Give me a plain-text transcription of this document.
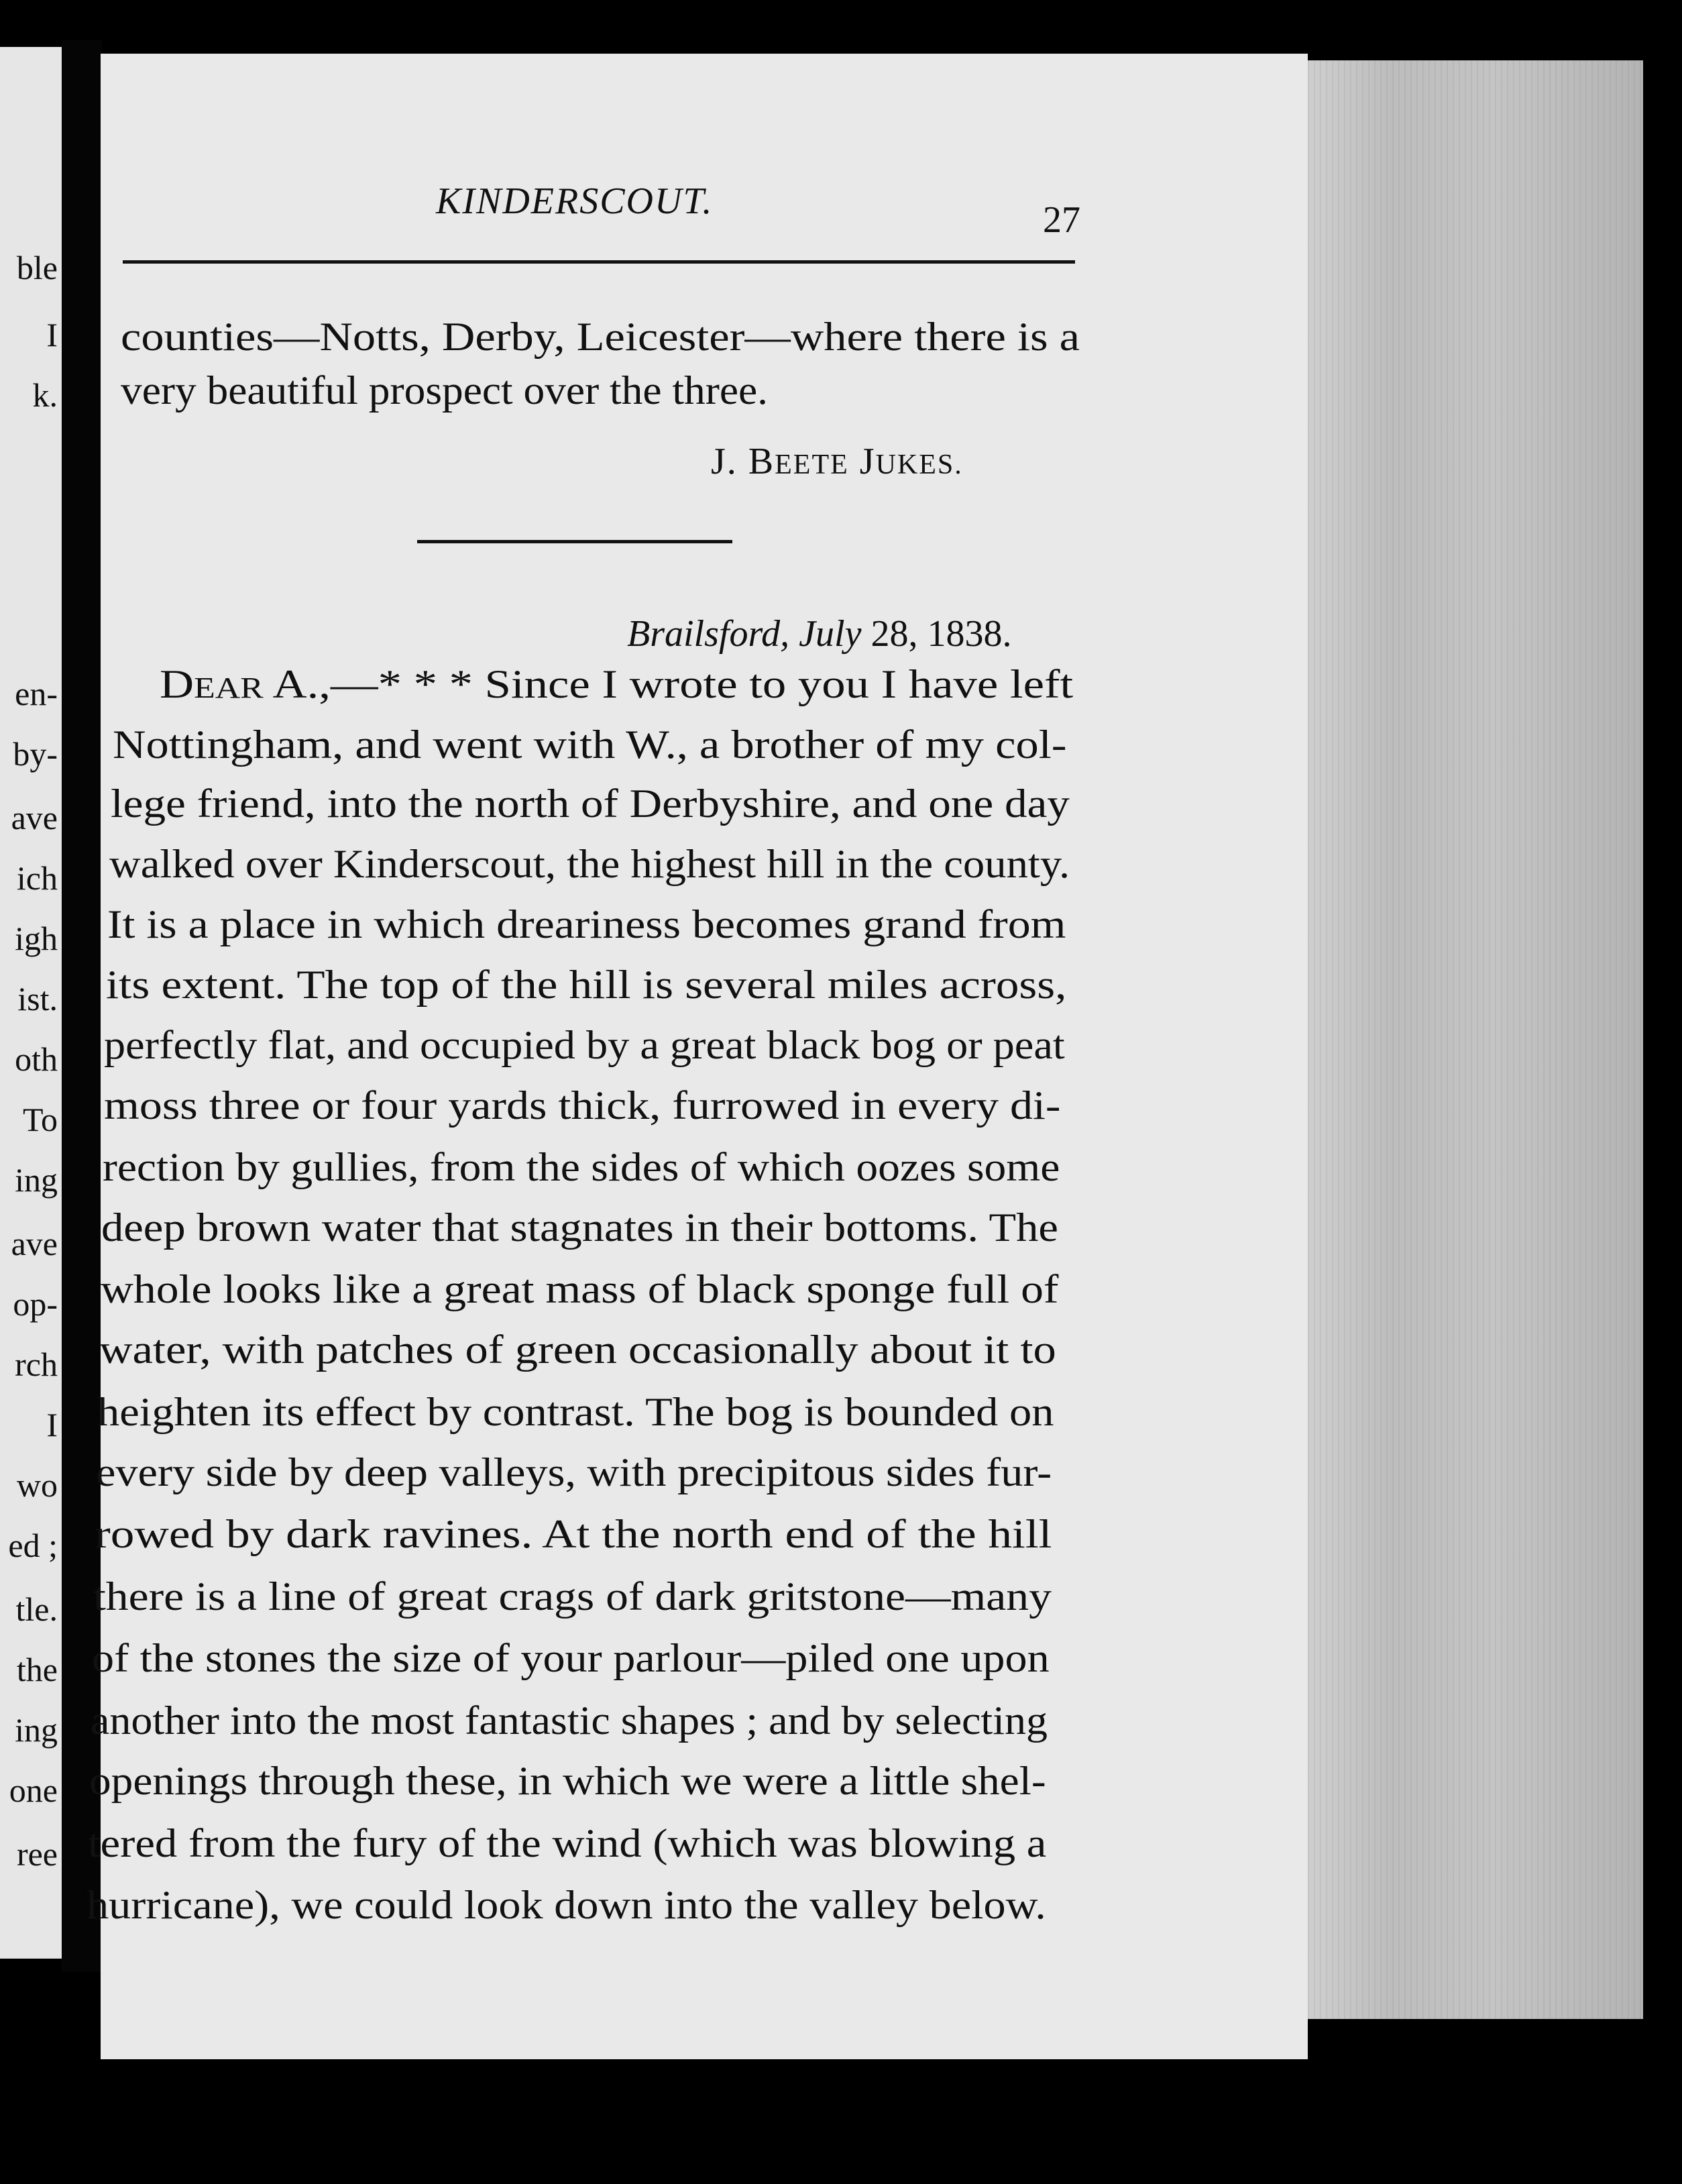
ble
I
k.
en-
by-
ave
ich
igh
ist.
oth
To
ing
ave
op-
rch
I
wo
ed ;
tle.
the
ing
one
ree
KINDERSCOUT.	27
counties—Notts, Derby, Leicester—where there is a
very beautiful prospect over the three.
J. BEETE JUKES.
Brailsford, July 28, 1838.
DEAR A.,—* * * Since I wrote to you I have left
Nottingham, and went with W., a brother of my col-
lege friend, into the north of Derbyshire, and one day
walked over Kinderscout, the highest hill in the county.
It is a place in which dreariness becomes grand from
its extent. The top of the hill is several miles across,
perfectly flat, and occupied by a great black bog or peat
moss three or four yards thick, furrowed in every di-
rection by gullies, from the sides of which oozes some
deep brown water that stagnates in their bottoms. The
whole looks like a great mass of black sponge full of
water, with patches of green occasionally about it to
heighten its effect by contrast. The bog is bounded on
every side by deep valleys, with precipitous sides fur-
rowed by dark ravines. At the north end of the hill
there is a line of great crags of dark gritstone—many
of the stones the size of your parlour—piled one upon
another into the most fantastic shapes ; and by selecting
openings through these, in which we were a little shel-
tered from the fury of the wind (which was blowing a
hurricane), we could look down into the valley below.
